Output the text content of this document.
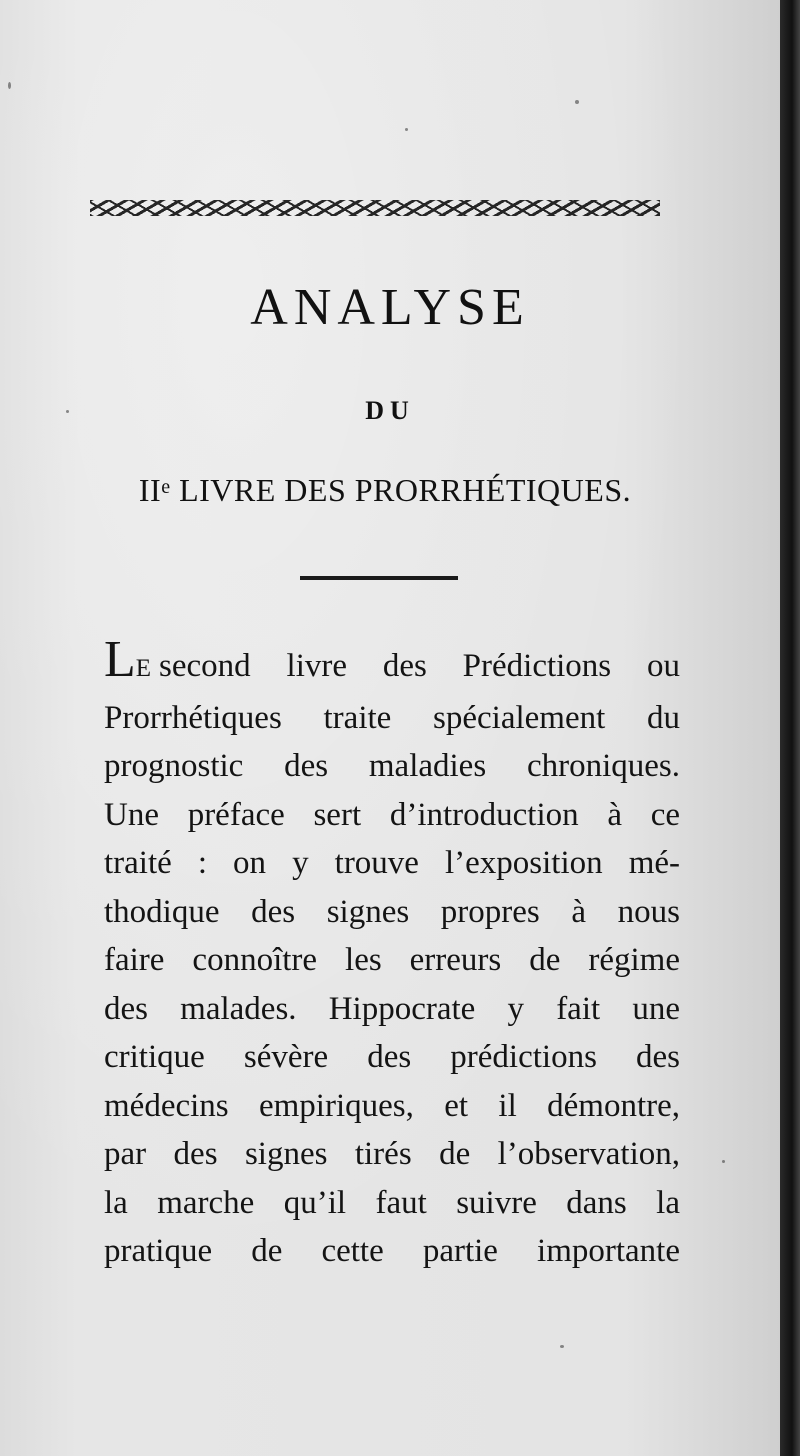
ANALYSE
DU
IIe LIVRE DES PRORRHÉTIQUES.
LE second livre des Prédictions ou
Prorrhétiques traite spécialement du
prognostic des maladies chroniques.
Une préface sert d’introduction à ce
traité : on y trouve l’exposition mé-
thodique des signes propres à nous
faire connoître les erreurs de régime
des malades. Hippocrate y fait une
critique sévère des prédictions des
médecins empiriques, et il démontre,
par des signes tirés de l’observation,
la marche qu’il faut suivre dans la
pratique de cette partie importante
